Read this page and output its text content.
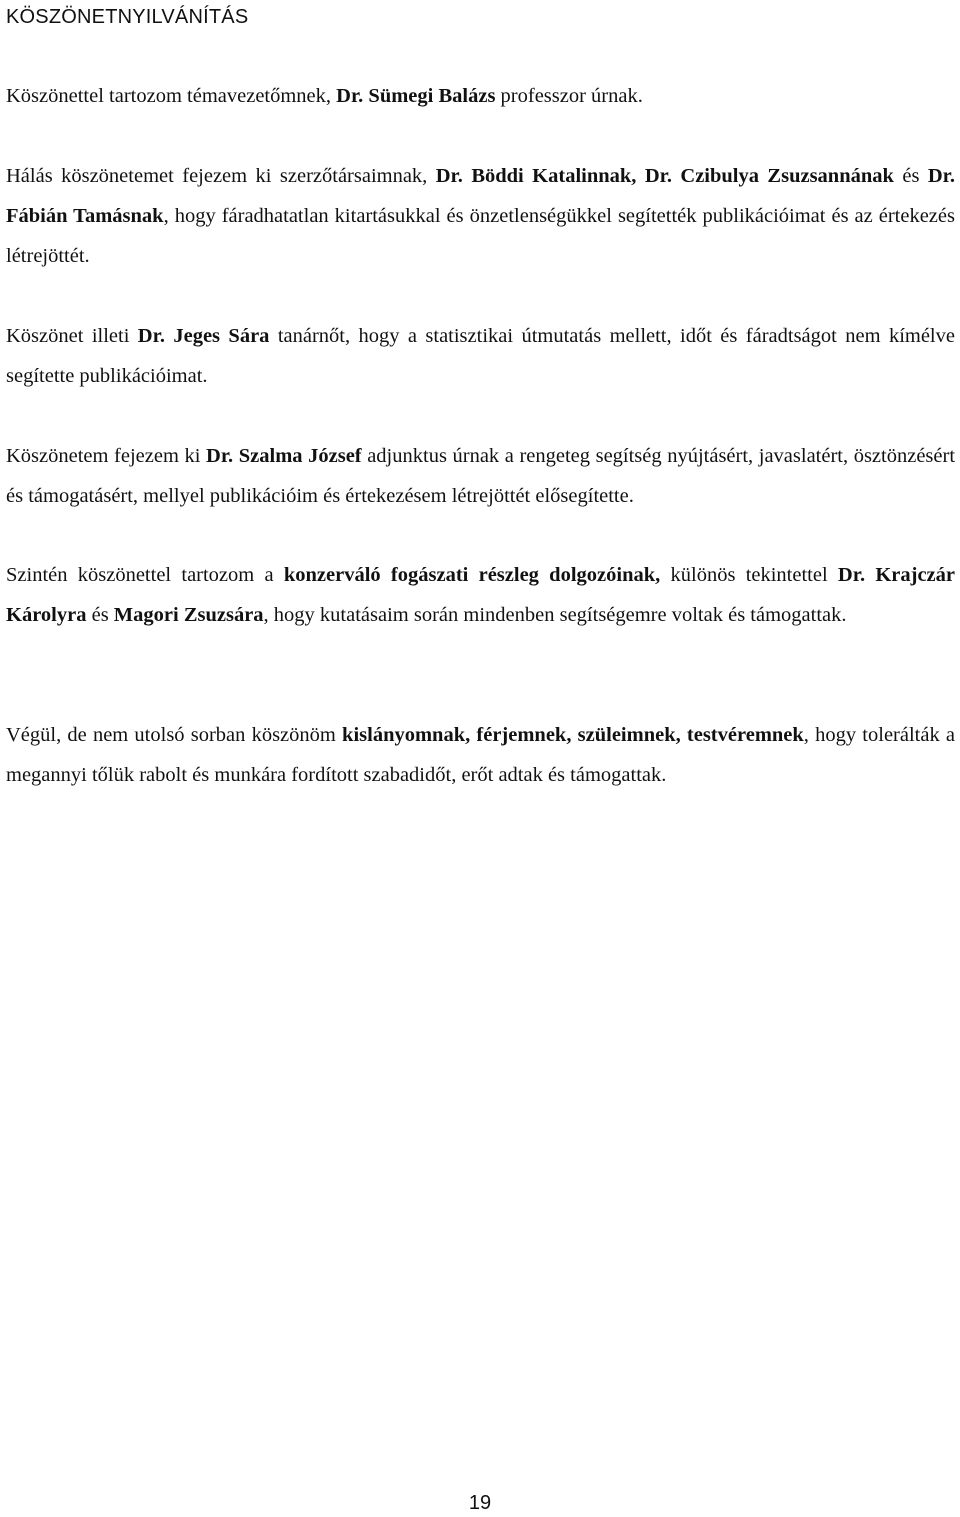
KÖSZÖNETNYILVÁNÍTÁS

Köszönettel tartozom témavezetőmnek, Dr. Sümegi Balázs professzor úrnak.

Hálás köszönetemet fejezem ki szerzőtársaimnak, Dr. Böddi Katalinnak, Dr. Czibulya Zsuzsannának és Dr. Fábián Tamásnak, hogy fáradhatatlan kitartásukkal és önzetlenségükkel segítették publikációimat és az értekezés létrejöttét.

Köszönet illeti Dr. Jeges Sára tanárnőt, hogy a statisztikai útmutatás mellett, időt és fáradtságot nem kímélve segítette publikációimat.

Köszönetem fejezem ki Dr. Szalma József adjunktus úrnak a rengeteg segítség nyújtásért, javaslatért, ösztönzésért és támogatásért, mellyel publikációim és értekezésem létrejöttét elősegítette.

Szintén köszönettel tartozom a konzerváló fogászati részleg dolgozóinak, különös tekintettel Dr. Krajczár Károlyra és Magori Zsuzsára, hogy kutatásaim során mindenben segítségemre voltak és támogattak.

Végül, de nem utolsó sorban köszönöm kislányomnak, férjemnek, szüleimnek, testvéremnek, hogy tolerálták a megannyi tőlük rabolt és munkára fordított szabadidőt, erőt adtak és támogattak.

19
